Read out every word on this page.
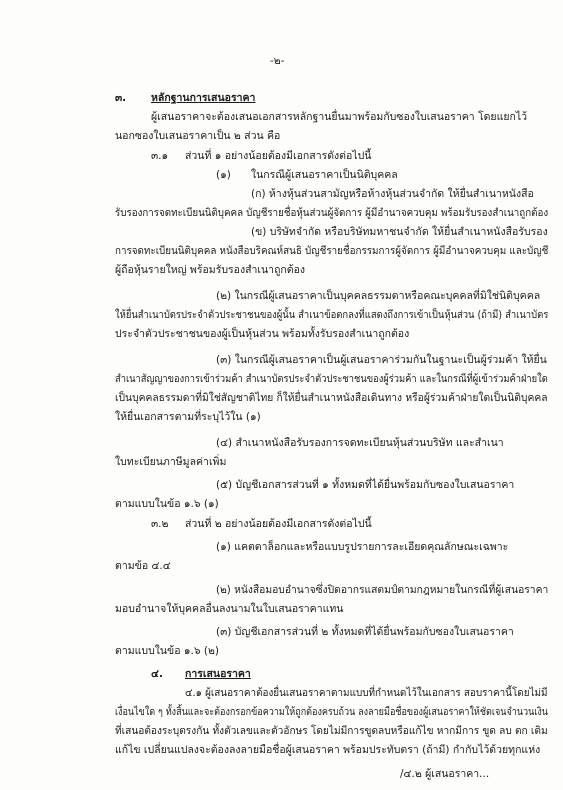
-๒-
๓. หลักฐานการเสนอราคา
ผู้เสนอราคาจะต้องเสนอเอกสารหลักฐานยื่นมาพร้อมกับซองใบเสนอราคา โดยแยกไว้
นอกซองใบเสนอราคาเป็น ๒ ส่วน คือ
๓.๑ ส่วนที่ ๑ อย่างน้อยต้องมีเอกสารดังต่อไปนี้
(๑) ในกรณีผู้เสนอราคาเป็นนิติบุคคล
(ก) ห้างหุ้นส่วนสามัญหรือห้างหุ้นส่วนจำกัด ให้ยื่นสำเนาหนังสือ
รับรองการจดทะเบียนนิติบุคคล บัญชีรายชื่อหุ้นส่วนผู้จัดการ ผู้มีอำนาจควบคุม พร้อมรับรองสำเนาถูกต้อง
(ข) บริษัทจำกัด หรือบริษัทมหาชนจำกัด ให้ยื่นสำเนาหนังสือรับรอง
การจดทะเบียนนิติบุคคล หนังสือบริคณห์สนธิ บัญชีรายชื่อกรรมการผู้จัดการ ผู้มีอำนาจควบคุม และบัญชี
ผู้ถือหุ้นรายใหญ่ พร้อมรับรองสำเนาถูกต้อง
(๒) ในกรณีผู้เสนอราคาเป็นบุคคลธรรมดาหรือคณะบุคคลที่มิใช่นิติบุคคล
ให้ยื่นสำเนาบัตรประจำตัวประชาชนของผู้นั้น สำเนาข้อตกลงที่แสดงถึงการเข้าเป็นหุ้นส่วน (ถ้ามี) สำเนาบัตร
ประจำตัวประชาชนของผู้เป็นหุ้นส่วน พร้อมทั้งรับรองสำเนาถูกต้อง
(๓) ในกรณีผู้เสนอราคาเป็นผู้เสนอราคาร่วมกันในฐานะเป็นผู้ร่วมค้า ให้ยื่น
สำเนาสัญญาของการเข้าร่วมค้า สำเนาบัตรประจำตัวประชาชนของผู้ร่วมค้า และในกรณีที่ผู้เข้าร่วมค้าฝ่ายใด
เป็นบุคคลธรรมดาที่มิใช่สัญชาติไทย ก็ให้ยื่นสำเนาหนังสือเดินทาง หรือผู้ร่วมค้าฝ่ายใดเป็นนิติบุคคล
ให้ยื่นเอกสารตามที่ระบุไว้ใน (๑)
(๔) สำเนาหนังสือรับรองการจดทะเบียนหุ้นส่วนบริษัท และสำเนา
ใบทะเบียนภาษีมูลค่าเพิ่ม
(๕) บัญชีเอกสารส่วนที่ ๑ ทั้งหมดที่ได้ยื่นพร้อมกับซองใบเสนอราคา
ตามแบบในข้อ ๑.๖ (๑)
๓.๒ ส่วนที่ ๒ อย่างน้อยต้องมีเอกสารดังต่อไปนี้
(๑) แคตตาล็อกและหรือแบบรูปรายการละเอียดคุณลักษณะเฉพาะ
ตามข้อ ๔.๔
(๒) หนังสือมอบอำนาจซึ่งปิดอากรแสตมป์ตามกฎหมายในกรณีที่ผู้เสนอราคา
มอบอำนาจให้บุคคลอื่นลงนามในใบเสนอราคาแทน
(๓) บัญชีเอกสารส่วนที่ ๒ ทั้งหมดที่ได้ยื่นพร้อมกับซองใบเสนอราคา
ตามแบบในข้อ ๑.๖ (๒)
๔. การเสนอราคา
๔.๑ ผู้เสนอราคาต้องยื่นเสนอราคาตามแบบที่กำหนดไว้ในเอกสาร สอบราคานี้โดยไม่มี
เงื่อนไขใด ๆ ทั้งสิ้นและจะต้องกรอกข้อความให้ถูกต้องครบถ้วน ลงลายมือชื่อของผู้เสนอราคาให้ชัดเจนจำนวนเงิน
ที่เสนอต้องระบุตรงกัน ทั้งตัวเลขและตัวอักษร โดยไม่มีการขูดลบหรือแก้ไข หากมีการ ขูด ลบ ตก เติม
แก้ไข เปลี่ยนแปลงจะต้องลงลายมือชื่อผู้เสนอราคา พร้อมประทับตรา (ถ้ามี) กำกับไว้ด้วยทุกแห่ง
/๔.๒ ผู้เสนอราคา...
